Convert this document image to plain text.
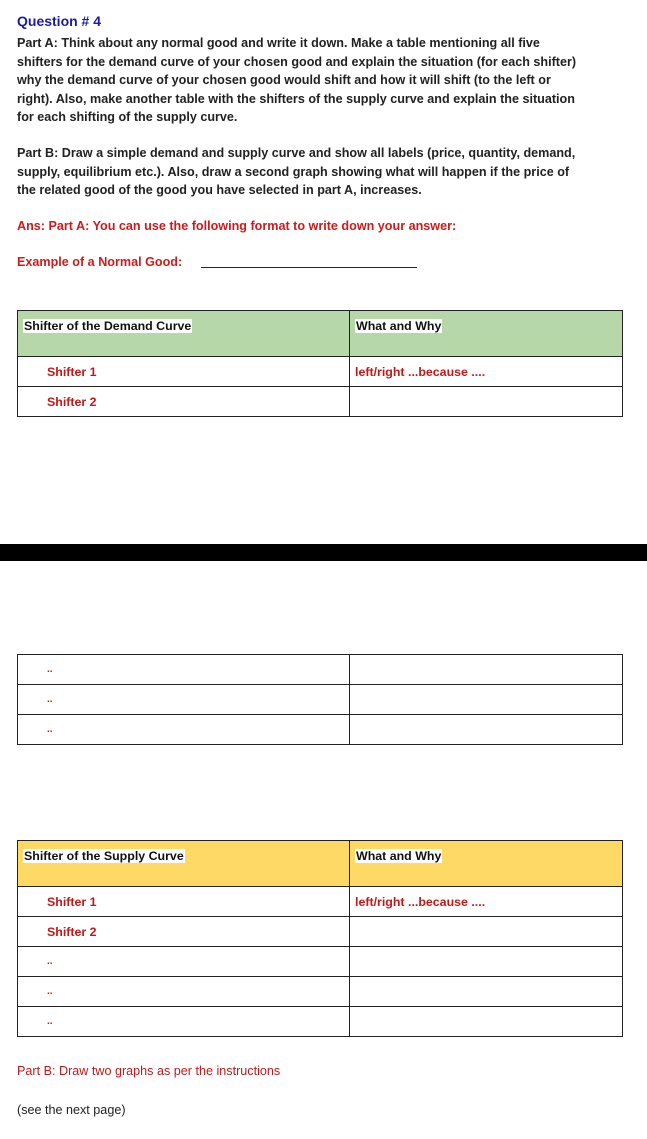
Question # 4
Part A: Think about any normal good and write it down. Make a table mentioning all five
shifters for the demand curve of your chosen good and explain the situation (for each shifter)
why the demand curve of your chosen good would shift and how it will shift (to the left or
right). Also, make another table with the shifters of the supply curve and explain the situation
for each shifting of the supply curve.
Part B: Draw a simple demand and supply curve and show all labels (price, quantity, demand,
supply, equilibrium etc.). Also, draw a second graph showing what will happen if the price of
the related good of the good you have selected in part A, increases.
Ans: Part A: You can use the following format to write down your answer:
Example of a Normal Good:
Shifter of the Demand Curve	What and Why
Shifter 1	left/right ...because ....
Shifter 2	
..	
..	
..	
Shifter of the Supply Curve	What and Why
Shifter 1	left/right ...because ....
Shifter 2	
..	
..	
..	
Part B: Draw two graphs as per the instructions
(see the next page)
